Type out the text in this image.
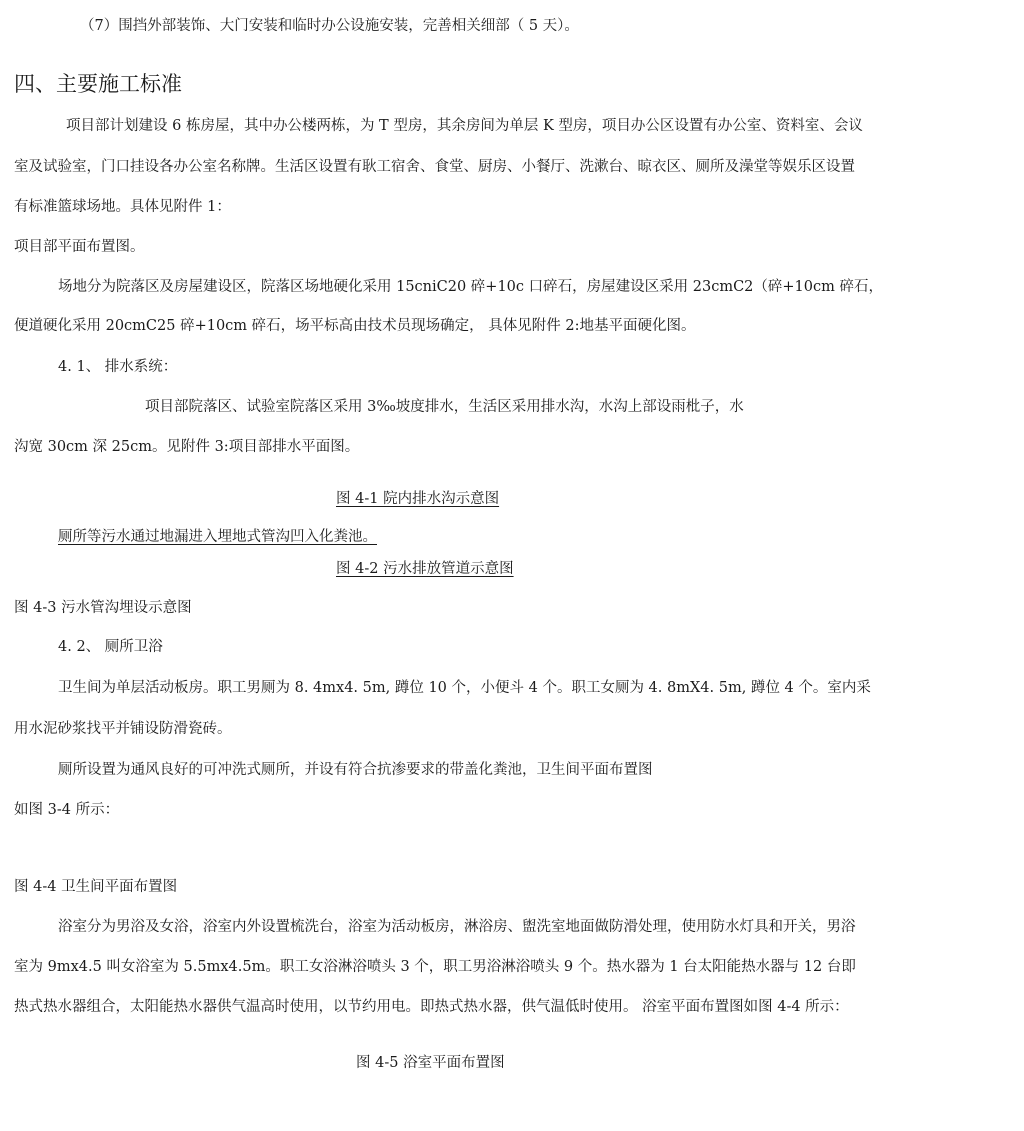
（7）围挡外部装饰、大门安装和临时办公设施安装，完善相关细部（ 5 天）。
四、主要施工标准
项目部计划建设 6 栋房屋，其中办公楼两栋，为 T 型房，其余房间为单层 K 型房，项目办公区设置有办公室、资料室、会议
室及试验室，门口挂设各办公室名称牌。生活区设置有耿工宿舍、食堂、厨房、小餐厅、洗漱台、晾衣区、厕所及澡堂等娱乐区设置
有标准篮球场地。具体见附件 1：
项目部平面布置图。
场地分为院落区及房屋建设区，院落区场地硬化采用 15cniC20 碎+10c 口碎石，房屋建设区采用 23cmC2（碎+10cm 碎石，
便道硬化采用 20cmC25 碎+10cm 碎石，场平标高由技术员现场确定， 具体见附件 2:地基平面硬化图。
4. 1、 排水系统：
项目部院落区、试验室院落区采用 3‰坡度排水，生活区采用排水沟，水沟上部设雨枇子，水
沟宽 30cm 深 25cm。见附件 3:项目部排水平面图。
图 4-1 院内排水沟示意图
厕所等污水通过地漏进入埋地式管沟凹入化粪池。
图 4-2 污水排放管道示意图
图 4-3 污水管沟埋设示意图
4. 2、 厕所卫浴
卫生间为单层活动板房。职工男厕为 8. 4mx4. 5m, 蹲位 10 个，小便斗 4 个。职工女厕为 4. 8mX4. 5m, 蹲位 4 个。室内采
用水泥砂浆找平并铺设防滑瓷砖。
厕所设置为通风良好的可冲洗式厕所，并设有符合抗渗要求的带盖化粪池，卫生间平面布置图
如图 3-4 所示：
图 4-4 卫生间平面布置图
浴室分为男浴及女浴，浴室内外设置梳洗台，浴室为活动板房，淋浴房、盥洗室地面做防滑处理，使用防水灯具和开关，男浴
室为 9mx4.5 叫女浴室为 5.5mx4.5m。职工女浴淋浴喷头 3 个，职工男浴淋浴喷头 9 个。热水器为 1 台太阳能热水器与 12 台即
热式热水器组合，太阳能热水器供气温高时使用，以节约用电。即热式热水器，供气温低时使用。 浴室平面布置图如图 4-4 所示：
图 4-5 浴室平面布置图
